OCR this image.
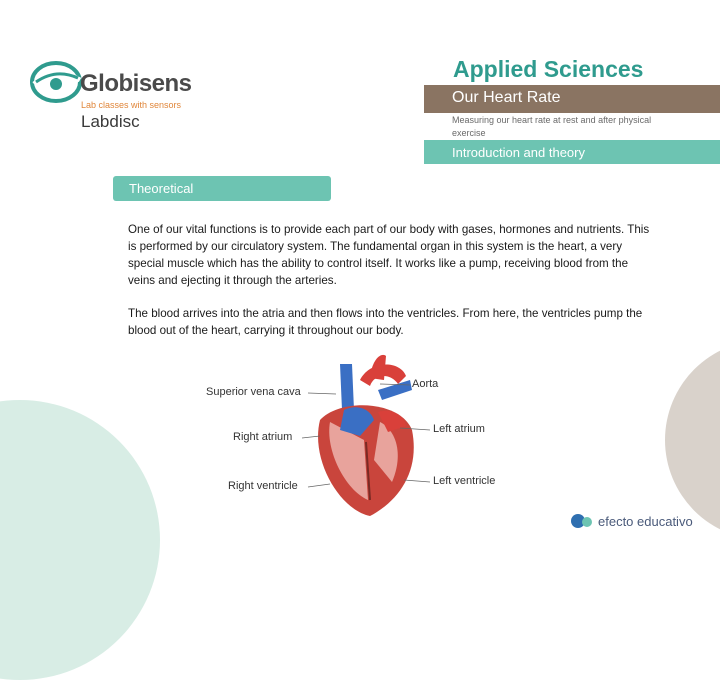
Globisens
Lab classes with sensors
Labdisc
Applied Sciences
Our Heart Rate
Measuring our heart rate at rest and after physical exercise
Introduction and theory
Theoretical
One of our vital functions is to provide each part of our body with gases, hormones and nutrients. This is performed by our circulatory system. The fundamental organ in this system is the heart, a very special muscle which has the ability to control itself. It works like a pump, receiving blood from the veins and ejecting it through the arteries.
The blood arrives into the atria and then flows into the ventricles. From here, the ventricles pump the blood out of the heart, carrying it throughout our body.
Superior vena cava
Right atrium
Right ventricle
Aorta
Left atrium
Left ventricle
efecto educativo
